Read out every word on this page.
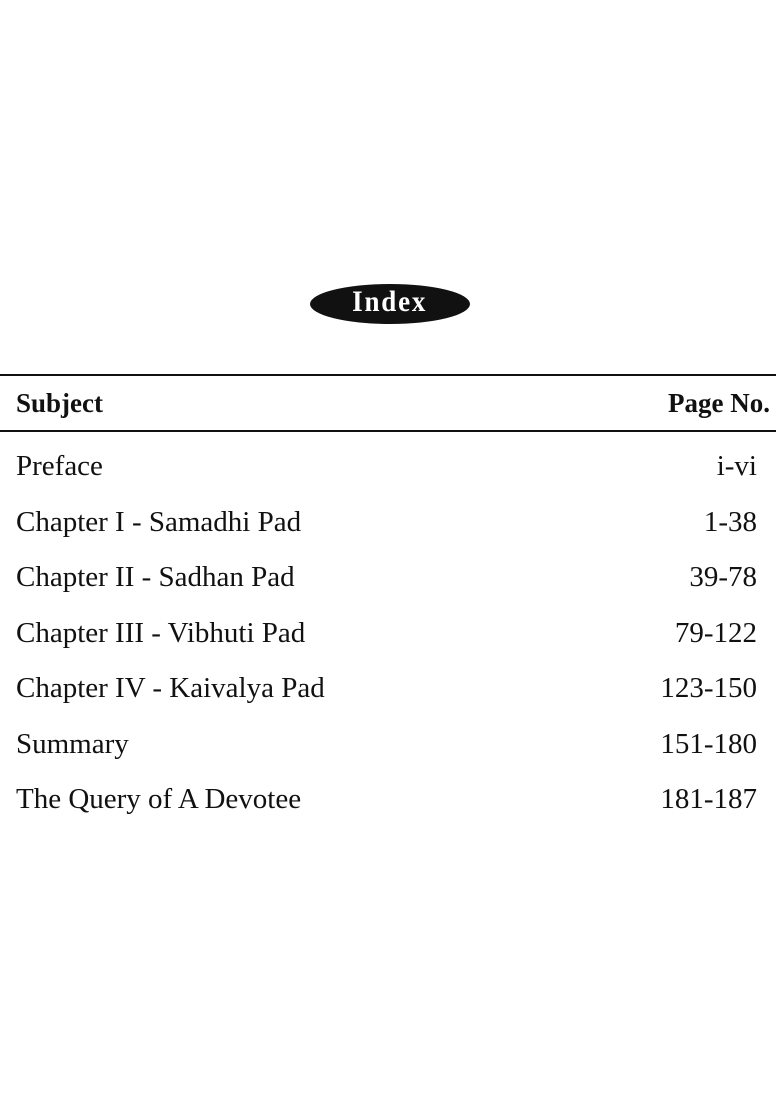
Index
Subject	Page No.
Preface	i-vi
Chapter I - Samadhi Pad	1-38
Chapter II - Sadhan Pad	39-78
Chapter III - Vibhuti Pad	79-122
Chapter IV - Kaivalya Pad	123-150
Summary	151-180
The Query of A Devotee	181-187
